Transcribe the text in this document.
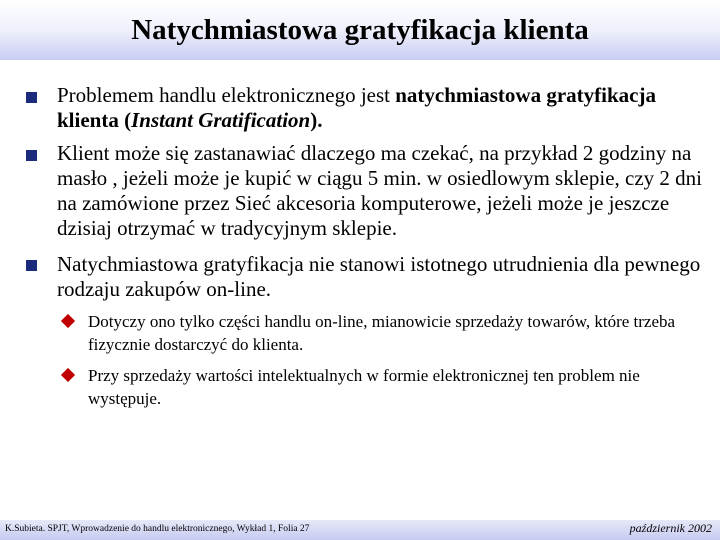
Natychmiastowa gratyfikacja klienta
Problemem handlu elektronicznego jest natychmiastowa gratyfikacja klienta (Instant Gratification).
Klient może się zastanawiać dlaczego ma czekać, na przykład 2 godziny na masło , jeżeli może je kupić w ciągu 5 min. w osiedlowym sklepie, czy 2 dni na zamówione przez Sieć akcesoria komputerowe, jeżeli może je jeszcze dzisiaj otrzymać w tradycyjnym sklepie.
Natychmiastowa gratyfikacja nie stanowi istotnego utrudnienia dla pewnego rodzaju zakupów on-line.
Dotyczy ono tylko części handlu on-line, mianowicie sprzedaży towarów, które trzeba fizycznie dostarczyć do klienta.
Przy sprzedaży wartości intelektualnych w formie elektronicznej ten problem nie występuje.
K.Subieta. SPJT, Wprowadzenie do handlu elektronicznego, Wykład 1, Folia 27	październik 2002
